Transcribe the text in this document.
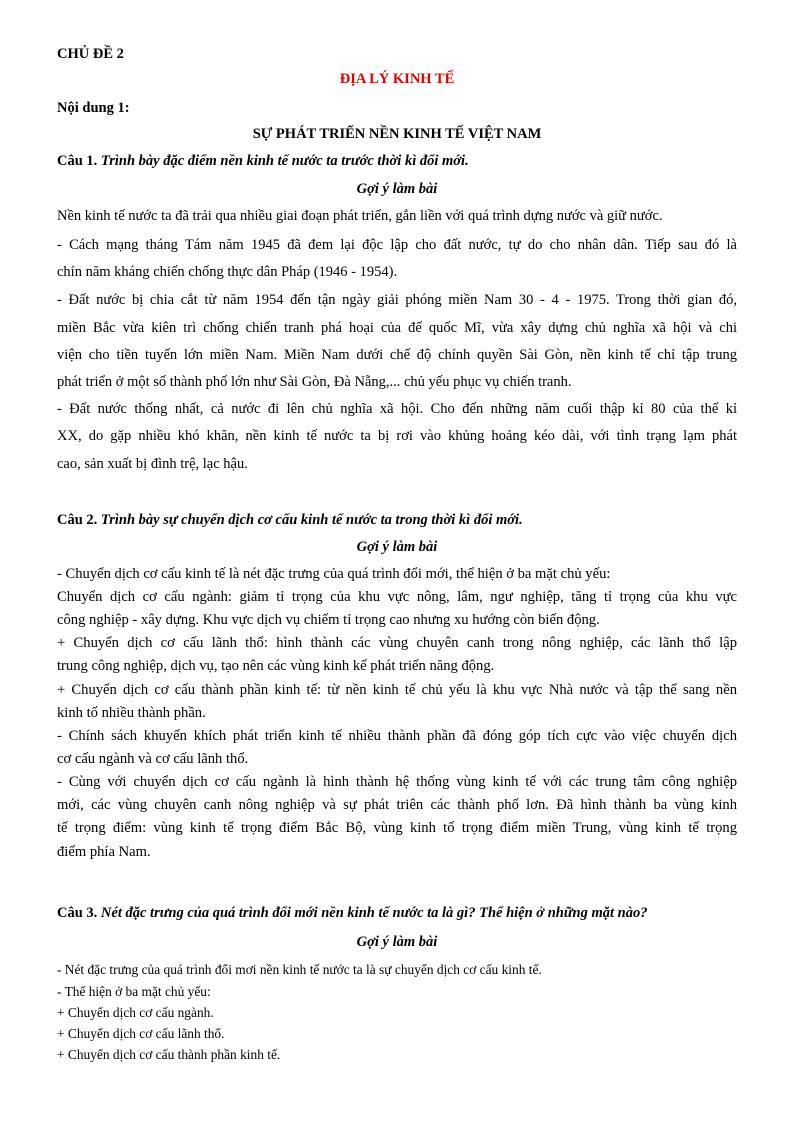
CHỦ ĐỀ 2
ĐỊA LÝ KINH TẾ
Nội dung 1:
SỰ PHÁT TRIỂN NỀN KINH TẾ VIỆT NAM
Câu 1. Trình bày đặc điểm nền kinh tế nước ta trước thời kì đổi mới.
Gợi ý làm bài
Nền kinh tế nước ta đã trải qua nhiều giai đoạn phát triển, gắn liền với quá trình dựng nước và giữ nước.
- Cách mạng tháng Tám năm 1945 đã đem lại độc lập cho đất nước, tự do cho nhân dân. Tiếp sau đó là
chín năm kháng chiến chống thực dân Pháp (1946 - 1954).
- Đất nước bị chia cắt từ năm 1954 đến tận ngày giải phóng miền Nam 30 - 4 - 1975. Trong thời gian đó,
miền Bắc vừa kiên trì chống chiến tranh phá hoại của đế quốc Mĩ, vừa xây dựng chủ nghĩa xã hội và chi
viện cho tiền tuyến lớn miền Nam. Miền Nam dưới chế độ chính quyền Sài Gòn, nền kinh tế chỉ tập trung
phát triển ở một số thành phố lớn như Sài Gòn, Đà Nẵng,... chủ yếu phục vụ chiến tranh.
- Đất nước thống nhất, cả nước đi lên chủ nghĩa xã hội. Cho đến những năm cuối thập kỉ 80 của thế kỉ
XX, do gặp nhiều khó khăn, nền kinh tế nước ta bị rơi vào khủng hoảng kéo dài, với tình trạng lạm phát
cao, sản xuất bị đình trệ, lạc hậu.
Câu 2. Trình bày sự chuyển dịch cơ cấu kinh tế nước ta trong thời kì đổi mới.
Gợi ý làm bài
- Chuyển dịch cơ cấu kinh tế là nét đặc trưng của quá trình đổi mới, thể hiện ở ba mặt chủ yếu:
Chuyển dịch cơ cấu ngành: giảm tỉ trọng của khu vực nông, lâm, ngư nghiệp, tăng tỉ trọng của khu vực
công nghiệp - xây dựng. Khu vực dịch vụ chiếm tỉ trọng cao nhưng xu hướng còn biến động.
+ Chuyển dịch cơ cấu lãnh thổ: hình thành các vùng chuyên canh trong nông nghiệp, các lãnh thổ lập
trung công nghiệp, dịch vụ, tạo nên các vùng kinh kế phát triển năng động.
+ Chuyển dịch cơ cấu thành phần kinh tế: từ nền kinh tế chủ yếu là khu vực Nhà nước và tập thể sang nền
kinh tố nhiều thành phần.
- Chính sách khuyến khích phát triển kinh tế nhiều thành phần đã đóng góp tích cực vào việc chuyển dịch
cơ cấu ngành và cơ cấu lãnh thổ.
- Cùng với chuyển dịch cơ cấu ngành là hình thành hệ thống vùng kinh tế với các trung tâm công nghiệp
mới, các vùng chuyên canh nông nghiệp và sự phát triên các thành phố lơn. Đã hình thành ba vùng kinh
tế trọng điểm: vùng kinh tế trọng điểm Bắc Bộ, vùng kinh tố trọng điểm miền Trung, vùng kinh tế trọng
điểm phía Nam.
Câu 3. Nét đặc trưng của quá trình đổi mới nền kinh tế nước ta là gì? Thể hiện ở những mặt nào?
Gợi ý làm bài
- Nét đặc trưng của quá trình đổi mơi nền kinh tế nước ta là sự chuyển dịch cơ cấu kinh tế.
- Thể hiện ở ba mặt chủ yếu:
+ Chuyển dịch cơ cấu ngành.
+ Chuyển dịch cơ cấu lãnh thổ.
+ Chuyển dịch cơ cấu thành phần kinh tế.
